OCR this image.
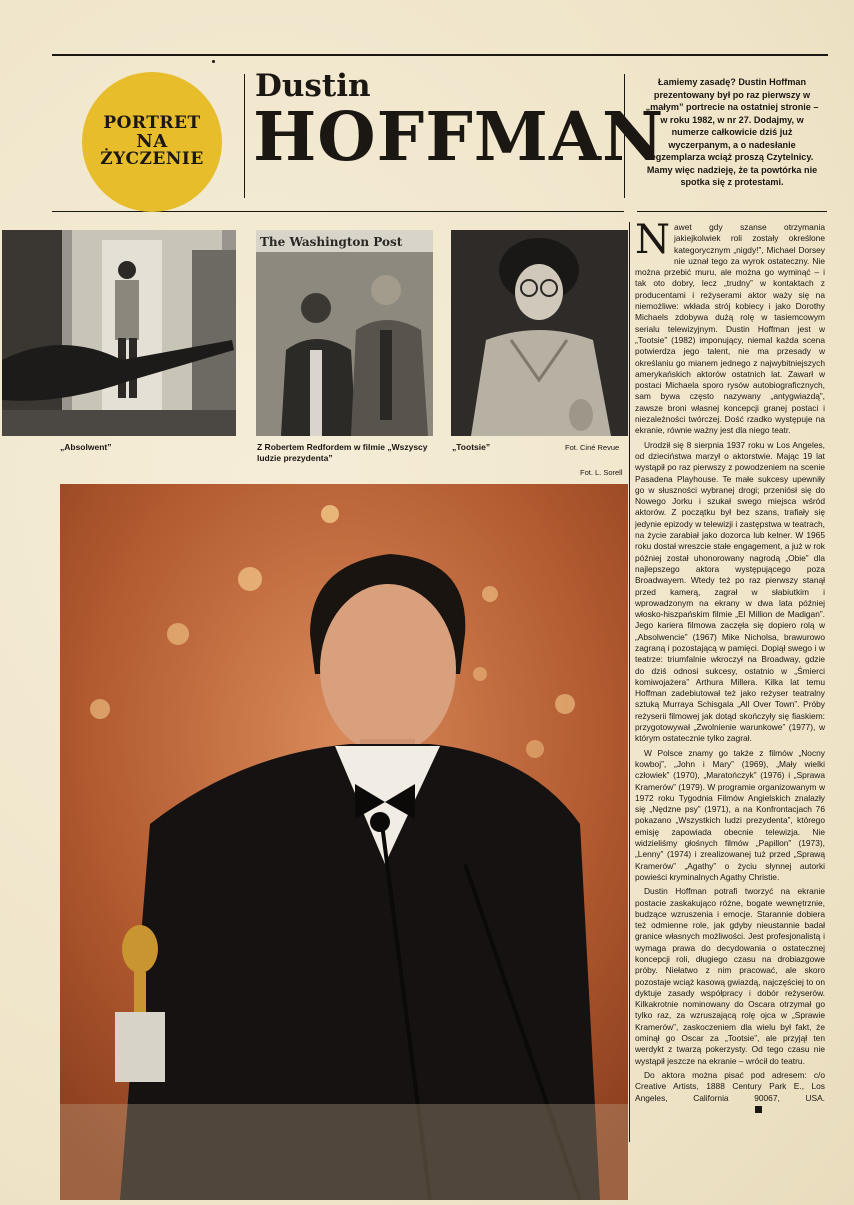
PORTRET
NA
ŻYCZENIE
Dustin
HOFFMAN
Łamiemy zasadę? Dustin Hoffman prezentowany był po raz pierwszy w „małym” portrecie na ostatniej stronie – w roku 1982, w nr 27. Dodajmy, w numerze całkowicie dziś już wyczerpanym, a o nadesłanie egzemplarza wciąż proszą Czytelnicy. Mamy więc nadzieję, że ta powtórka nie spotka się z protestami.
The Washington Post
„Absolwent”	Z Robertem Redfordem w filmie „Wszyscy ludzie prezydenta”
„Tootsie”	Fot. Ciné Revue
Fot. L. Sorell

Nawet gdy szanse otrzymania jakiejkolwiek roli zostały określone kategorycznym „nigdy!”, Michael Dorsey nie uznał tego za wyrok ostateczny. Nie można przebić muru, ale można go wyminąć – i tak oto dobry, lecz „trudny” w kontaktach z producentami i reżyserami aktor waży się na niemożliwe: wkłada strój kobiecy i jako Dorothy Michaels zdobywa dużą rolę w tasiemcowym serialu telewizyjnym. Dustin Hoffman jest w „Tootsie” (1982) imponujący, niemal każda scena potwierdza jego talent, nie ma przesady w określaniu go mianem jednego z najwybitniejszych amerykańskich aktorów ostatnich lat. Zawarł w postaci Michaela sporo rysów autobiograficznych, sam bywa często nazywany „antygwiazdą”, zawsze broni własnej koncepcji granej postaci i niezależności twórczej. Dość rzadko występuje na ekranie, równie ważny jest dla niego teatr.

Urodził się 8 sierpnia 1937 roku w Los Angeles, od dzieciństwa marzył o aktorstwie. Mając 19 lat wystąpił po raz pierwszy z powodzeniem na scenie Pasadena Playhouse. Te małe sukcesy upewniły go w słuszności wybranej drogi; przeniósł się do Nowego Jorku i szukał swego miejsca wśród aktorów. Z początku był bez szans, trafiały się jedynie epizody w telewizji i zastępstwa w teatrach, na życie zarabiał jako dozorca lub kelner. W 1965 roku dostał wreszcie stałe engagement, a już w rok później został uhonorowany nagrodą „Obie” dla najlepszego aktora występującego poza Broadwayem. Wtedy też po raz pierwszy stanął przed kamerą, zagrał w słabiutkim i wprowadzonym na ekrany w dwa lata później włosko-hiszpańskim filmie „El Million de Madigan”. Jego kariera filmowa zaczęła się dopiero rolą w „Absolwencie” (1967) Mike Nicholsa, brawurowo zagraną i pozostającą w pamięci. Dopiął swego i w teatrze: triumfalnie wkroczył na Broadway, gdzie do dziś odnosi sukcesy, ostatnio w „Śmierci komiwojażera” Arthura Millera. Kilka lat temu Hoffman zadebiutował też jako reżyser teatralny sztuką Murraya Schisgala „All Over Town”. Próby reżyserii filmowej jak dotąd skończyły się fiaskiem: przygotowywał „Zwolnienie warunkowe” (1977), w którym ostatecznie tylko zagrał.

W Polsce znamy go także z filmów „Nocny kowboj”, „John i Mary” (1969), „Mały wielki człowiek” (1970), „Maratończyk” (1976) i „Sprawa Kramerów” (1979). W programie organizowanym w 1972 roku Tygodnia Filmów Angielskich znalazły się „Nędzne psy” (1971), a na Konfrontacjach 76 pokazano „Wszystkich ludzi prezydenta”, którego emisję zapowiada obecnie telewizja. Nie widzieliśmy głośnych filmów „Papillon” (1973), „Lenny” (1974) i zrealizowanej tuż przed „Sprawą Kramerów” „Agathy” o życiu słynnej autorki powieści kryminalnych Agathy Christie.

Dustin Hoffman potrafi tworzyć na ekranie postacie zaskakująco różne, bogate wewnętrznie, budzące wzruszenia i emocje. Starannie dobiera też odmienne role, jak gdyby nieustannie badał granice własnych możliwości. Jest profesjonalistą i wymaga prawa do decydowania o ostatecznej koncepcji roli, długiego czasu na drobiazgowe próby. Niełatwo z nim pracować, ale skoro pozostaje wciąż kasową gwiazdą, najczęściej to on dyktuje zasady współpracy i dobór reżyserów. Kilkakrotnie nominowany do Oscara otrzymał go tylko raz, za wzruszającą rolę ojca w „Sprawie Kramerów”, zaskoczeniem dla wielu był fakt, że ominął go Oscar za „Tootsie”, ale przyjął ten werdykt z twarzą pokerzysty. Od tego czasu nie wystąpił jeszcze na ekranie – wrócił do teatru.

Do aktora można pisać pod adresem: c/o Creative Artists, 1888 Century Park E., Los Angeles, California 90067, USA.
